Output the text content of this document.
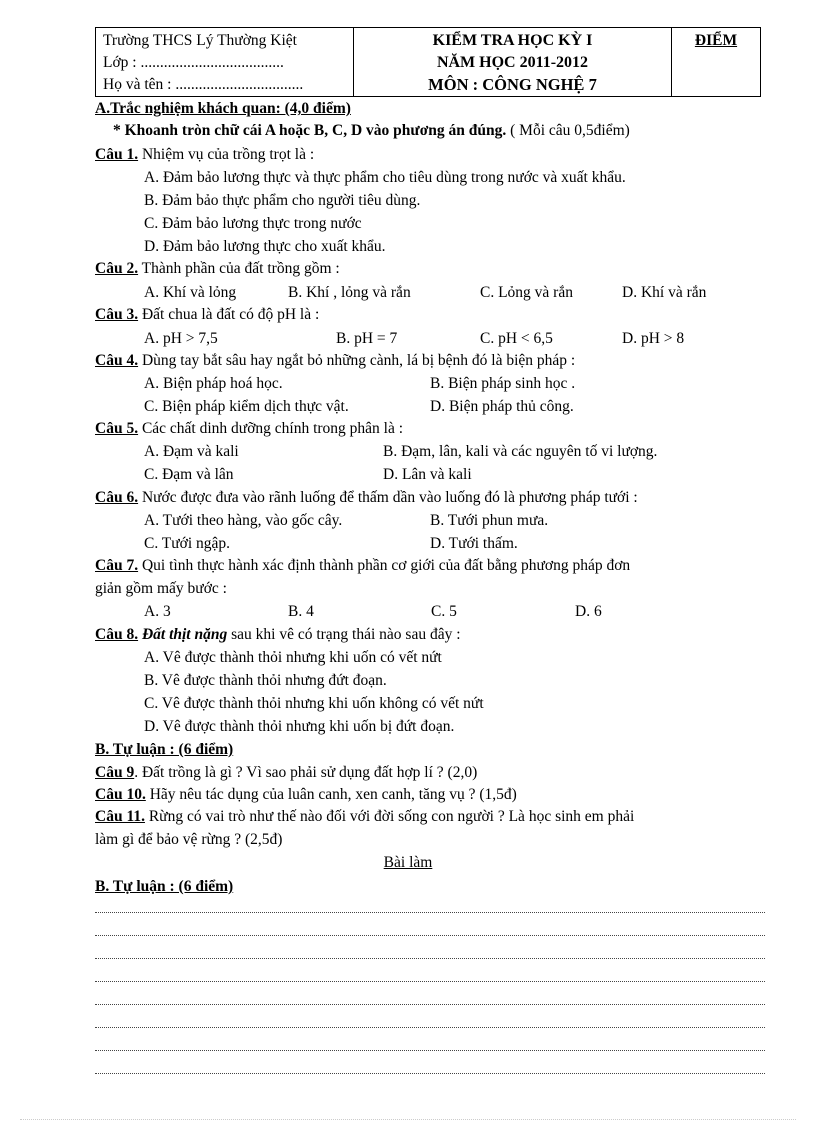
Trường THCS Lý Thường Kiệt
Lớp : .....................................
Họ và tên : .................................
KIỂM TRA HỌC KỲ I
NĂM HỌC 2011-2012
MÔN : CÔNG NGHỆ 7
ĐIỂM
A.Trắc nghiệm khách quan: (4,0 điểm)
* Khoanh tròn chữ cái A hoặc B, C, D vào phương án đúng. ( Mỗi câu 0,5điểm)
Câu 1. Nhiệm vụ của trồng trọt là :
A. Đảm bảo lương thực và thực phẩm cho tiêu dùng trong nước và xuất khẩu.
B. Đảm bảo thực phẩm cho người tiêu dùng.
C. Đảm bảo lương thực trong nước
D. Đảm bảo lương thực cho xuất khẩu.
Câu 2. Thành phần của đất trồng gồm :
A. Khí và lỏng	B. Khí , lỏng và rắn	C. Lỏng và rắn	D. Khí và rắn
Câu 3. Đất chua là đất có độ pH là :
A. pH > 7,5	B. pH = 7	C. pH < 6,5	D. pH > 8
Câu 4. Dùng tay bắt sâu hay ngắt bỏ những cành, lá bị bệnh đó là biện pháp :
A. Biện pháp hoá học.	B. Biện pháp sinh học .
C. Biện pháp kiểm dịch thực vật.	D. Biện pháp thủ công.
Câu 5. Các chất dinh dưỡng chính trong phân là :
A. Đạm và kali	B. Đạm, lân, kali và các nguyên tố vi lượng.
C. Đạm và lân	D. Lân và kali
Câu 6. Nước được đưa vào rãnh luống để thấm dần vào luống đó là phương pháp tưới :
A. Tưới theo hàng, vào gốc cây.	B. Tưới phun mưa.
C. Tưới ngập.	D. Tưới thấm.
Câu 7. Qui tình thực hành xác định thành phần cơ giới của đất bằng phương pháp đơn
giản gồm mấy bước :
A. 3	B. 4	C. 5	D. 6
Câu 8. Đất thịt nặng sau khi vê có trạng thái nào sau đây :
A. Vê được thành thỏi nhưng khi uốn có vết nứt
B. Vê được thành thỏi nhưng đứt đoạn.
C. Vê được thành thỏi nhưng khi uốn không có vết nứt
D. Vê được thành thỏi nhưng khi uốn bị đứt đoạn.
B. Tự luận : (6 điểm)
Câu 9. Đất trồng là gì ? Vì sao phải sử dụng đất hợp lí ? (2,0)
Câu 10. Hãy nêu tác dụng của luân canh, xen canh, tăng vụ ? (1,5đ)
Câu 11. Rừng có vai trò như thế nào đối với đời sống con người ? Là học sinh em phải
làm gì để bảo vệ rừng ? (2,5đ)
Bài làm
B. Tự luận : (6 điểm)
